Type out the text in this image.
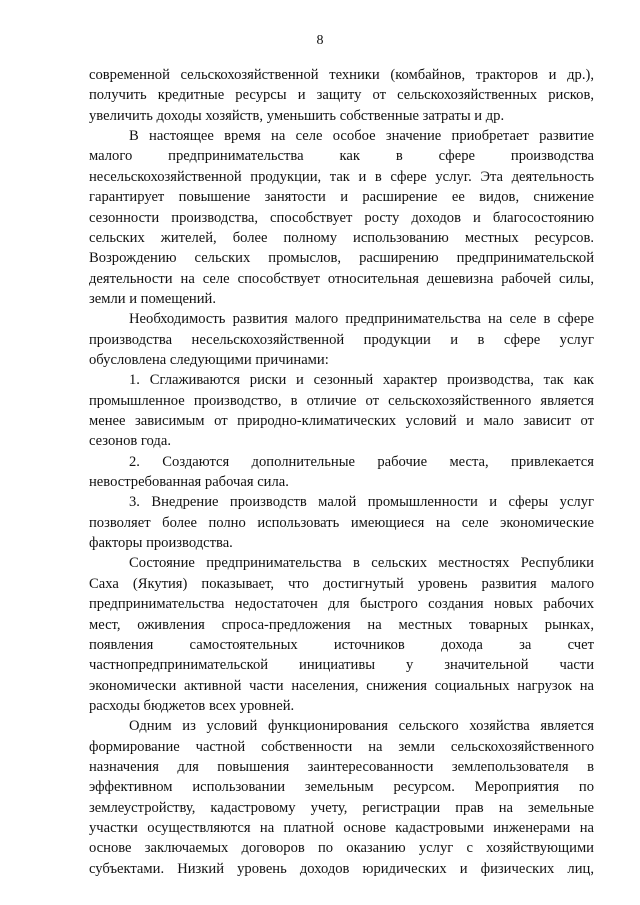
8
современной сельскохозяйственной техники (комбайнов, тракторов и др.),
получить кредитные ресурсы и защиту от сельскохозяйственных рисков,
увеличить доходы хозяйств, уменьшить собственные затраты и др.
В настоящее время на селе особое значение приобретает развитие
малого предпринимательства как в сфере производства
несельскохозяйственной продукции, так и в сфере услуг. Эта деятельность
гарантирует повышение занятости и расширение ее видов, снижение
сезонности производства, способствует росту доходов и благосостоянию
сельских жителей, более полному использованию местных ресурсов.
Возрождению сельских промыслов, расширению предпринимательской
деятельности на селе способствует относительная дешевизна рабочей силы,
земли и помещений.
Необходимость развития малого предпринимательства на селе в сфере
производства несельскохозяйственной продукции и в сфере услуг
обусловлена следующими причинами:
1. Сглаживаются риски и сезонный характер производства, так как
промышленное производство, в отличие от сельскохозяйственного является
менее зависимым от природно-климатических условий и мало зависит от
сезонов года.
2. Создаются дополнительные рабочие места, привлекается
невостребованная рабочая сила.
3. Внедрение производств малой промышленности и сферы услуг
позволяет более полно использовать имеющиеся на селе экономические
факторы производства.
Состояние предпринимательства в сельских местностях Республики
Саха (Якутия) показывает, что достигнутый уровень развития малого
предпринимательства недостаточен для быстрого создания новых рабочих
мест, оживления спроса-предложения на местных товарных рынках,
появления самостоятельных источников дохода за счет
частнопредпринимательской инициативы у значительной части
экономически активной части населения, снижения социальных нагрузок на
расходы бюджетов всех уровней.
Одним из условий функционирования сельского хозяйства является
формирование частной собственности на земли сельскохозяйственного
назначения для повышения заинтересованности землепользователя в
эффективном использовании земельным ресурсом. Мероприятия по
землеустройству, кадастровому учету, регистрации прав на земельные
участки осуществляются на платной основе кадастровыми инженерами на
основе заключаемых договоров по оказанию услуг с хозяйствующими
субъектами. Низкий уровень доходов юридических и физических лиц,
